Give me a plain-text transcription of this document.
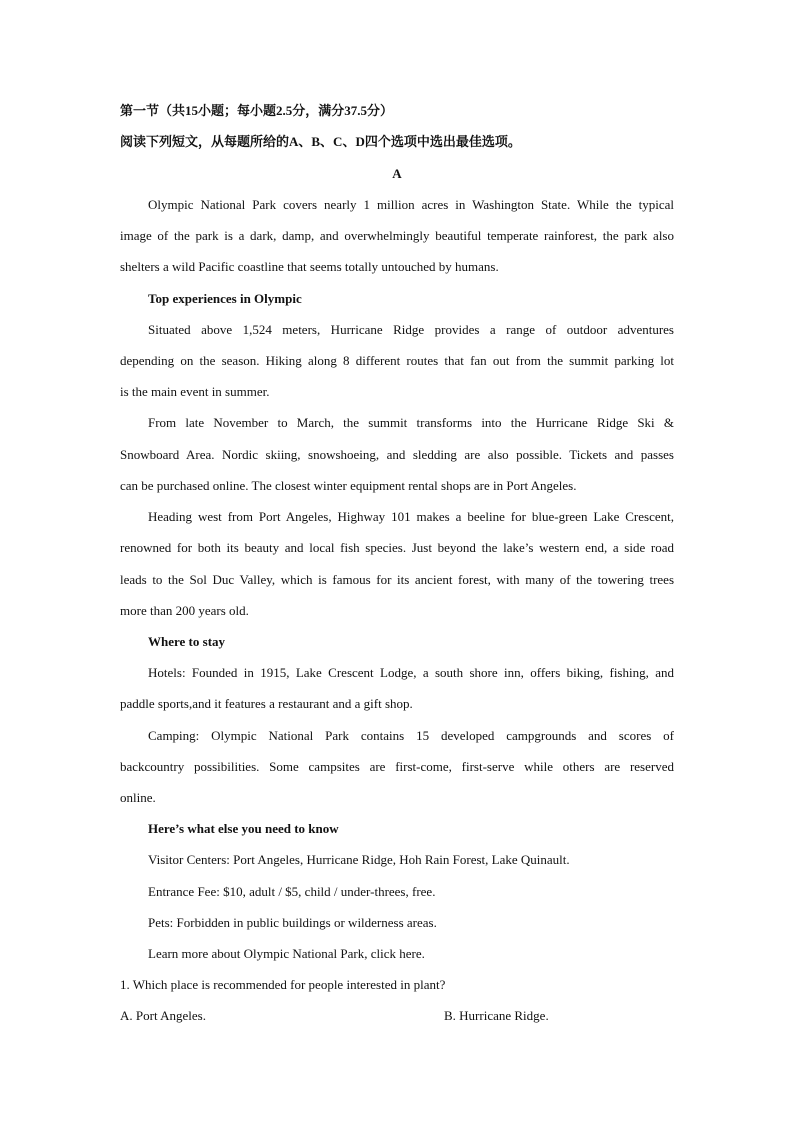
第一节（共15小题；每小题2.5分，满分37.5分）
阅读下列短文，从每题所给的A、B、C、D四个选项中选出最佳选项。
A
Olympic National Park covers nearly 1 million acres in Washington State. While the typical
image of the park is a dark, damp, and overwhelmingly beautiful temperate rainforest, the park also
shelters a wild Pacific coastline that seems totally untouched by humans.
Top experiences in Olympic
Situated above 1,524 meters, Hurricane Ridge provides a range of outdoor adventures
depending on the season. Hiking along 8 different routes that fan out from the summit parking lot
is the main event in summer.
From late November to March, the summit transforms into the Hurricane Ridge Ski &
Snowboard Area. Nordic skiing, snowshoeing, and sledding are also possible. Tickets and passes
can be purchased online. The closest winter equipment rental shops are in Port Angeles.
Heading west from Port Angeles, Highway 101 makes a beeline for blue-green Lake Crescent,
renowned for both its beauty and local fish species. Just beyond the lake’s western end, a side road
leads to the Sol Duc Valley, which is famous for its ancient forest, with many of the towering trees
more than 200 years old.
Where to stay
Hotels: Founded in 1915, Lake Crescent Lodge, a south shore inn, offers biking, fishing, and
paddle sports,and it features a restaurant and a gift shop.
Camping: Olympic National Park contains 15 developed campgrounds and scores of
backcountry possibilities. Some campsites are first-come, first-serve while others are reserved
online.
Here’s what else you need to know
Visitor Centers: Port Angeles, Hurricane Ridge, Hoh Rain Forest, Lake Quinault.
Entrance Fee: $10, adult / $5, child / under-threes, free.
Pets: Forbidden in public buildings or wilderness areas.
Learn more about Olympic National Park, click here.
1. Which place is recommended for people interested in plant?
A. Port Angeles.	B. Hurricane Ridge.
